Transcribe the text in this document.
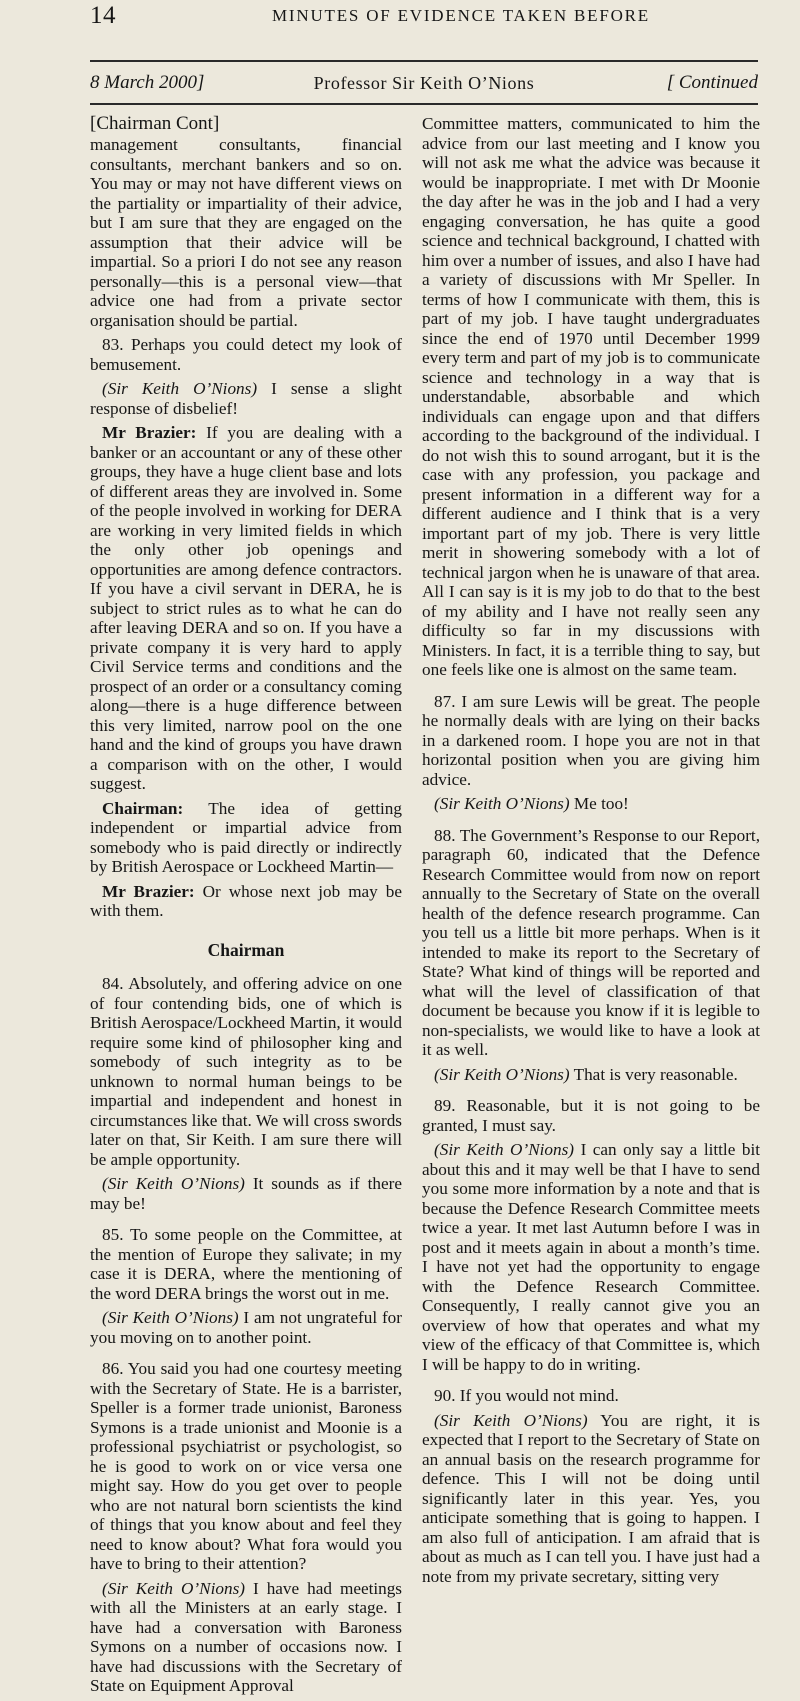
14	MINUTES OF EVIDENCE TAKEN BEFORE
8 March 2000]	Professor Sir Keith O’Nions	[ Continued

[Chairman Cont]

management consultants, financial consultants, merchant bankers and so on. You may or may not have different views on the partiality or impartiality of their advice, but I am sure that they are engaged on the assumption that their advice will be impartial. So a priori I do not see any reason personally—this is a personal view—that advice one had from a private sector organisation should be partial.

83. Perhaps you could detect my look of bemusement.

(Sir Keith O’Nions) I sense a slight response of disbelief!

Mr Brazier: If you are dealing with a banker or an accountant or any of these other groups, they have a huge client base and lots of different areas they are involved in. Some of the people involved in working for DERA are working in very limited fields in which the only other job openings and opportunities are among defence contractors. If you have a civil servant in DERA, he is subject to strict rules as to what he can do after leaving DERA and so on. If you have a private company it is very hard to apply Civil Service terms and conditions and the prospect of an order or a consultancy coming along—there is a huge difference between this very limited, narrow pool on the one hand and the kind of groups you have drawn a comparison with on the other, I would suggest.

Chairman: The idea of getting independent or impartial advice from somebody who is paid directly or indirectly by British Aerospace or Lockheed Martin—

Mr Brazier: Or whose next job may be with them.

Chairman

84. Absolutely, and offering advice on one of four contending bids, one of which is British Aerospace/Lockheed Martin, it would require some kind of philosopher king and somebody of such integrity as to be unknown to normal human beings to be impartial and independent and honest in circumstances like that. We will cross swords later on that, Sir Keith. I am sure there will be ample opportunity.

(Sir Keith O’Nions) It sounds as if there may be!

85. To some people on the Committee, at the mention of Europe they salivate; in my case it is DERA, where the mentioning of the word DERA brings the worst out in me.

(Sir Keith O’Nions) I am not ungrateful for you moving on to another point.

86. You said you had one courtesy meeting with the Secretary of State. He is a barrister, Speller is a former trade unionist, Baroness Symons is a trade unionist and Moonie is a professional psychiatrist or psychologist, so he is good to work on or vice versa one might say. How do you get over to people who are not natural born scientists the kind of things that you know about and feel they need to know about? What fora would you have to bring to their attention?

(Sir Keith O’Nions) I have had meetings with all the Ministers at an early stage. I have had a conversation with Baroness Symons on a number of occasions now. I have had discussions with the Secretary of State on Equipment Approval

Committee matters, communicated to him the advice from our last meeting and I know you will not ask me what the advice was because it would be inappropriate. I met with Dr Moonie the day after he was in the job and I had a very engaging conversation, he has quite a good science and technical background, I chatted with him over a number of issues, and also I have had a variety of discussions with Mr Speller. In terms of how I communicate with them, this is part of my job. I have taught undergraduates since the end of 1970 until December 1999 every term and part of my job is to communicate science and technology in a way that is understandable, absorbable and which individuals can engage upon and that differs according to the background of the individual. I do not wish this to sound arrogant, but it is the case with any profession, you package and present information in a different way for a different audience and I think that is a very important part of my job. There is very little merit in showering somebody with a lot of technical jargon when he is unaware of that area. All I can say is it is my job to do that to the best of my ability and I have not really seen any difficulty so far in my discussions with Ministers. In fact, it is a terrible thing to say, but one feels like one is almost on the same team.

87. I am sure Lewis will be great. The people he normally deals with are lying on their backs in a darkened room. I hope you are not in that horizontal position when you are giving him advice.

(Sir Keith O’Nions) Me too!

88. The Government’s Response to our Report, paragraph 60, indicated that the Defence Research Committee would from now on report annually to the Secretary of State on the overall health of the defence research programme. Can you tell us a little bit more perhaps. When is it intended to make its report to the Secretary of State? What kind of things will be reported and what will the level of classification of that document be because you know if it is legible to non-specialists, we would like to have a look at it as well.

(Sir Keith O’Nions) That is very reasonable.

89. Reasonable, but it is not going to be granted, I must say.

(Sir Keith O’Nions) I can only say a little bit about this and it may well be that I have to send you some more information by a note and that is because the Defence Research Committee meets twice a year. It met last Autumn before I was in post and it meets again in about a month’s time. I have not yet had the opportunity to engage with the Defence Research Committee. Consequently, I really cannot give you an overview of how that operates and what my view of the efficacy of that Committee is, which I will be happy to do in writing.

90. If you would not mind.

(Sir Keith O’Nions) You are right, it is expected that I report to the Secretary of State on an annual basis on the research programme for defence. This I will not be doing until significantly later in this year. Yes, you anticipate something that is going to happen. I am also full of anticipation. I am afraid that is about as much as I can tell you. I have just had a note from my private secretary, sitting very
